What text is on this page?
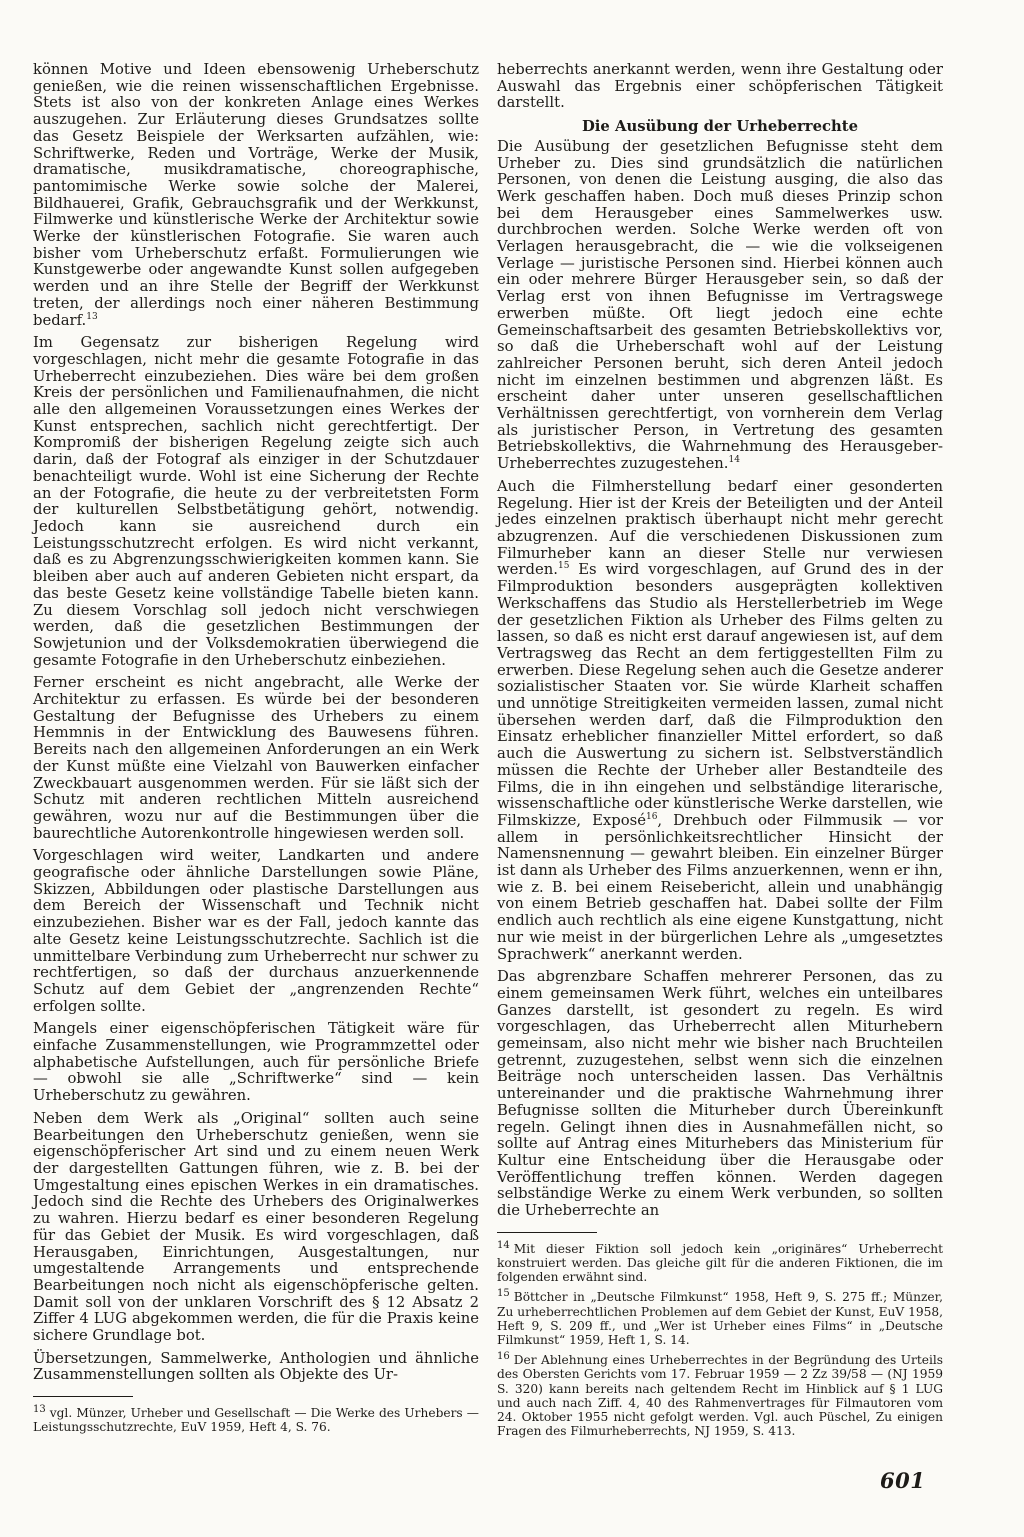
können Motive und Ideen ebensowenig Urheberschutz genießen, wie die reinen wissenschaftlichen Ergebnisse. Stets ist also von der konkreten Anlage eines Werkes auszugehen. Zur Erläuterung dieses Grundsatzes sollte das Gesetz Beispiele der Werksarten aufzählen, wie: Schriftwerke, Reden und Vorträge, Werke der Musik, dramatische, musikdramatische, choreographische, pantomimische Werke sowie solche der Malerei, Bildhauerei, Grafik, Gebrauchsgrafik und der Werkkunst, Filmwerke und künstlerische Werke der Architektur sowie Werke der künstlerischen Fotografie. Sie waren auch bisher vom Urheberschutz erfaßt. Formulierungen wie Kunstgewerbe oder angewandte Kunst sollen aufgegeben werden und an ihre Stelle der Begriff der Werkkunst treten, der allerdings noch einer näheren Bestimmung bedarf.$^{13}$

Im Gegensatz zur bisherigen Regelung wird vorgeschlagen, nicht mehr die gesamte Fotografie in das Urheberrecht einzubeziehen. Dies wäre bei dem großen Kreis der persönlichen und Familienaufnahmen, die nicht alle den allgemeinen Voraussetzungen eines Werkes der Kunst entsprechen, sachlich nicht gerechtfertigt. Der Kompromiß der bisherigen Regelung zeigte sich auch darin, daß der Fotograf als einziger in der Schutzdauer benachteiligt wurde. Wohl ist eine Sicherung der Rechte an der Fotografie, die heute zu der verbreitetsten Form der kulturellen Selbstbetätigung gehört, notwendig. Jedoch kann sie ausreichend durch ein Leistungsschutzrecht erfolgen. Es wird nicht verkannt, daß es zu Abgrenzungsschwierigkeiten kommen kann. Sie bleiben aber auch auf anderen Gebieten nicht erspart, da das beste Gesetz keine vollständige Tabelle bieten kann. Zu diesem Vorschlag soll jedoch nicht verschwiegen werden, daß die gesetzlichen Bestimmungen der Sowjetunion und der Volksdemokratien überwiegend die gesamte Fotografie in den Urheberschutz einbeziehen.

Ferner erscheint es nicht angebracht, alle Werke der Architektur zu erfassen. Es würde bei der besonderen Gestaltung der Befugnisse des Urhebers zu einem Hemmnis in der Entwicklung des Bauwesens führen. Bereits nach den allgemeinen Anforderungen an ein Werk der Kunst müßte eine Vielzahl von Bauwerken einfacher Zweckbauart ausgenommen werden. Für sie läßt sich der Schutz mit anderen rechtlichen Mitteln ausreichend gewähren, wozu nur auf die Bestimmungen über die baurechtliche Autorenkontrolle hingewiesen werden soll.

Vorgeschlagen wird weiter, Landkarten und andere geografische oder ähnliche Darstellungen sowie Pläne, Skizzen, Abbildungen oder plastische Darstellungen aus dem Bereich der Wissenschaft und Technik nicht einzubeziehen. Bisher war es der Fall, jedoch kannte das alte Gesetz keine Leistungsschutzrechte. Sachlich ist die unmittelbare Verbindung zum Urheberrecht nur schwer zu rechtfertigen, so daß der durchaus anzuerkennende Schutz auf dem Gebiet der „angrenzenden Rechte“ erfolgen sollte.

Mangels einer eigenschöpferischen Tätigkeit wäre für einfache Zusammenstellungen, wie Programmzettel oder alphabetische Aufstellungen, auch für persönliche Briefe — obwohl sie alle „Schriftwerke“ sind — kein Urheberschutz zu gewähren.

Neben dem Werk als „Original“ sollten auch seine Bearbeitungen den Urheberschutz genießen, wenn sie eigenschöpferischer Art sind und zu einem neuen Werk der dargestellten Gattungen führen, wie z. B. bei der Umgestaltung eines epischen Werkes in ein dramatisches. Jedoch sind die Rechte des Urhebers des Originalwerkes zu wahren. Hierzu bedarf es einer besonderen Regelung für das Gebiet der Musik. Es wird vorgeschlagen, daß Herausgaben, Einrichtungen, Ausgestaltungen, nur umgestaltende Arrangements und entsprechende Bearbeitungen noch nicht als eigenschöpferische gelten. Damit soll von der unklaren Vorschrift des § 12 Absatz 2 Ziffer 4 LUG abgekommen werden, die für die Praxis keine sichere Grundlage bot.

Übersetzungen, Sammelwerke, Anthologien und ähnliche Zusammenstellungen sollten als Objekte des Ur-

$^{13}$ vgl. Münzer, Urheber und Gesellschaft — Die Werke des Urhebers — Leistungsschutzrechte, EuV 1959, Heft 4, S. 76.

heberrechts anerkannt werden, wenn ihre Gestaltung oder Auswahl das Ergebnis einer schöpferischen Tätigkeit darstellt.

Die Ausübung der Urheberrechte

Die Ausübung der gesetzlichen Befugnisse steht dem Urheber zu. Dies sind grundsätzlich die natürlichen Personen, von denen die Leistung ausging, die also das Werk geschaffen haben. Doch muß dieses Prinzip schon bei dem Herausgeber eines Sammelwerkes usw. durchbrochen werden. Solche Werke werden oft von Verlagen herausgebracht, die — wie die volkseigenen Verlage — juristische Personen sind. Hierbei können auch ein oder mehrere Bürger Herausgeber sein, so daß der Verlag erst von ihnen Befugnisse im Vertragswege erwerben müßte. Oft liegt jedoch eine echte Gemeinschaftsarbeit des gesamten Betriebskollektivs vor, so daß die Urheberschaft wohl auf der Leistung zahlreicher Personen beruht, sich deren Anteil jedoch nicht im einzelnen bestimmen und abgrenzen läßt. Es erscheint daher unter unseren gesellschaftlichen Verhältnissen gerechtfertigt, von vornherein dem Verlag als juristischer Person, in Vertretung des gesamten Betriebskollektivs, die Wahrnehmung des Herausgeber-Urheberrechtes zuzugestehen.$^{14}$

Auch die Filmherstellung bedarf einer gesonderten Regelung. Hier ist der Kreis der Beteiligten und der Anteil jedes einzelnen praktisch überhaupt nicht mehr gerecht abzugrenzen. Auf die verschiedenen Diskussionen zum Filmurheber kann an dieser Stelle nur verwiesen werden.$^{15}$ Es wird vorgeschlagen, auf Grund des in der Filmproduktion besonders ausgeprägten kollektiven Werkschaffens das Studio als Herstellerbetrieb im Wege der gesetzlichen Fiktion als Urheber des Films gelten zu lassen, so daß es nicht erst darauf angewiesen ist, auf dem Vertragsweg das Recht an dem fertiggestellten Film zu erwerben. Diese Regelung sehen auch die Gesetze anderer sozialistischer Staaten vor. Sie würde Klarheit schaffen und unnötige Streitigkeiten vermeiden lassen, zumal nicht übersehen werden darf, daß die Filmproduktion den Einsatz erheblicher finanzieller Mittel erfordert, so daß auch die Auswertung zu sichern ist. Selbstverständlich müssen die Rechte der Urheber aller Bestandteile des Films, die in ihn eingehen und selbständige literarische, wissenschaftliche oder künstlerische Werke darstellen, wie Filmskizze, Exposé$^{16}$, Drehbuch oder Filmmusik — vor allem in persönlichkeitsrechtlicher Hinsicht der Namensnennung — gewahrt bleiben. Ein einzelner Bürger ist dann als Urheber des Films anzuerkennen, wenn er ihn, wie z. B. bei einem Reisebericht, allein und unabhängig von einem Betrieb geschaffen hat. Dabei sollte der Film endlich auch rechtlich als eine eigene Kunstgattung, nicht nur wie meist in der bürgerlichen Lehre als „umgesetztes Sprachwerk“ anerkannt werden.

Das abgrenzbare Schaffen mehrerer Personen, das zu einem gemeinsamen Werk führt, welches ein unteilbares Ganzes darstellt, ist gesondert zu regeln. Es wird vorgeschlagen, das Urheberrecht allen Miturhebern gemeinsam, also nicht mehr wie bisher nach Bruchteilen getrennt, zuzugestehen, selbst wenn sich die einzelnen Beiträge noch unterscheiden lassen. Das Verhältnis untereinander und die praktische Wahrnehmung ihrer Befugnisse sollten die Miturheber durch Übereinkunft regeln. Gelingt ihnen dies in Ausnahmefällen nicht, so sollte auf Antrag eines Miturhebers das Ministerium für Kultur eine Entscheidung über die Herausgabe oder Veröffentlichung treffen können. Werden dagegen selbständige Werke zu einem Werk verbunden, so sollten die Urheberrechte an

$^{14}$ Mit dieser Fiktion soll jedoch kein „originäres“ Urheberrecht konstruiert werden. Das gleiche gilt für die anderen Fiktionen, die im folgenden erwähnt sind.

$^{15}$ Böttcher in „Deutsche Filmkunst“ 1958, Heft 9, S. 275 ff.; Münzer, Zu urheberrechtlichen Problemen auf dem Gebiet der Kunst, EuV 1958, Heft 9, S. 209 ff., und „Wer ist Urheber eines Films“ in „Deutsche Filmkunst“ 1959, Heft 1, S. 14.

$^{16}$ Der Ablehnung eines Urheberrechtes in der Begründung des Urteils des Obersten Gerichts vom 17. Februar 1959 — 2 Zz 39/58 — (NJ 1959 S. 320) kann bereits nach geltendem Recht im Hinblick auf § 1 LUG und auch nach Ziff. 4, 40 des Rahmenvertrages für Filmautoren vom 24. Oktober 1955 nicht gefolgt werden. Vgl. auch Püschel, Zu einigen Fragen des Filmurheberrechts, NJ 1959, S. 413.

601
